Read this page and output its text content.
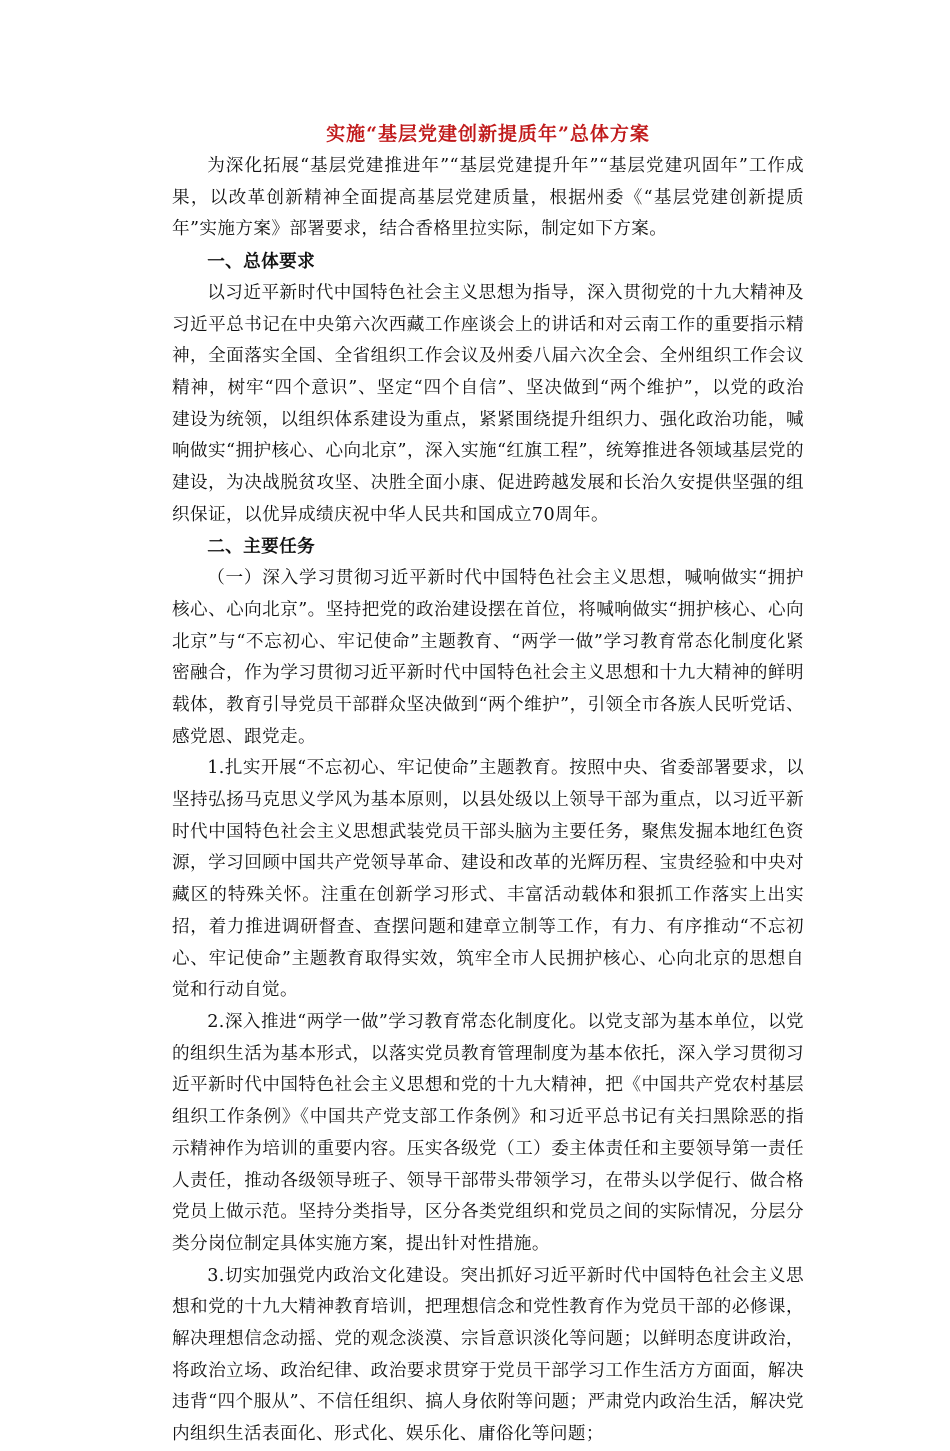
实施“基层党建创新提质年”总体方案

为深化拓展“基层党建推进年”“基层党建提升年”“基层党建巩固年”工作成果，以改革创新精神全面提高基层党建质量，根据州委《“基层党建创新提质年”实施方案》部署要求，结合香格里拉实际，制定如下方案。

一、总体要求

以习近平新时代中国特色社会主义思想为指导，深入贯彻党的十九大精神及习近平总书记在中央第六次西藏工作座谈会上的讲话和对云南工作的重要指示精神，全面落实全国、全省组织工作会议及州委八届六次全会、全州组织工作会议精神，树牢“四个意识”、坚定“四个自信”、坚决做到“两个维护”，以党的政治建设为统领，以组织体系建设为重点，紧紧围绕提升组织力、强化政治功能，喊响做实“拥护核心、心向北京”，深入实施“红旗工程”，统筹推进各领域基层党的建设，为决战脱贫攻坚、决胜全面小康、促进跨越发展和长治久安提供坚强的组织保证，以优异成绩庆祝中华人民共和国成立70周年。

二、主要任务

（一）深入学习贯彻习近平新时代中国特色社会主义思想，喊响做实“拥护核心、心向北京”。坚持把党的政治建设摆在首位，将喊响做实“拥护核心、心向北京”与“不忘初心、牢记使命”主题教育、“两学一做”学习教育常态化制度化紧密融合，作为学习贯彻习近平新时代中国特色社会主义思想和十九大精神的鲜明载体，教育引导党员干部群众坚决做到“两个维护”，引领全市各族人民听党话、感党恩、跟党走。

1.扎实开展“不忘初心、牢记使命”主题教育。按照中央、省委部署要求，以坚持弘扬马克思义学风为基本原则，以县处级以上领导干部为重点，以习近平新时代中国特色社会主义思想武装党员干部头脑为主要任务，聚焦发掘本地红色资源，学习回顾中国共产党领导革命、建设和改革的光辉历程、宝贵经验和中央对藏区的特殊关怀。注重在创新学习形式、丰富活动载体和狠抓工作落实上出实招，着力推进调研督查、查摆问题和建章立制等工作，有力、有序推动“不忘初心、牢记使命”主题教育取得实效，筑牢全市人民拥护核心、心向北京的思想自觉和行动自觉。

2.深入推进“两学一做”学习教育常态化制度化。以党支部为基本单位，以党的组织生活为基本形式，以落实党员教育管理制度为基本依托，深入学习贯彻习近平新时代中国特色社会主义思想和党的十九大精神，把《中国共产党农村基层组织工作条例》《中国共产党支部工作条例》和习近平总书记有关扫黑除恶的指示精神作为培训的重要内容。压实各级党（工）委主体责任和主要领导第一责任人责任，推动各级领导班子、领导干部带头带领学习，在带头以学促行、做合格党员上做示范。坚持分类指导，区分各类党组织和党员之间的实际情况，分层分类分岗位制定具体实施方案，提出针对性措施。

3.切实加强党内政治文化建设。突出抓好习近平新时代中国特色社会主义思想和党的十九大精神教育培训，把理想信念和党性教育作为党员干部的必修课，解决理想信念动摇、党的观念淡漠、宗旨意识淡化等问题；以鲜明态度讲政治，将政治立场、政治纪律、政治要求贯穿于党员干部学习工作生活方方面面，解决违背“四个服从”、不信任组织、搞人身依附等问题；严肃党内政治生活，解决党内组织生活表面化、形式化、娱乐化、庸俗化等问题；
